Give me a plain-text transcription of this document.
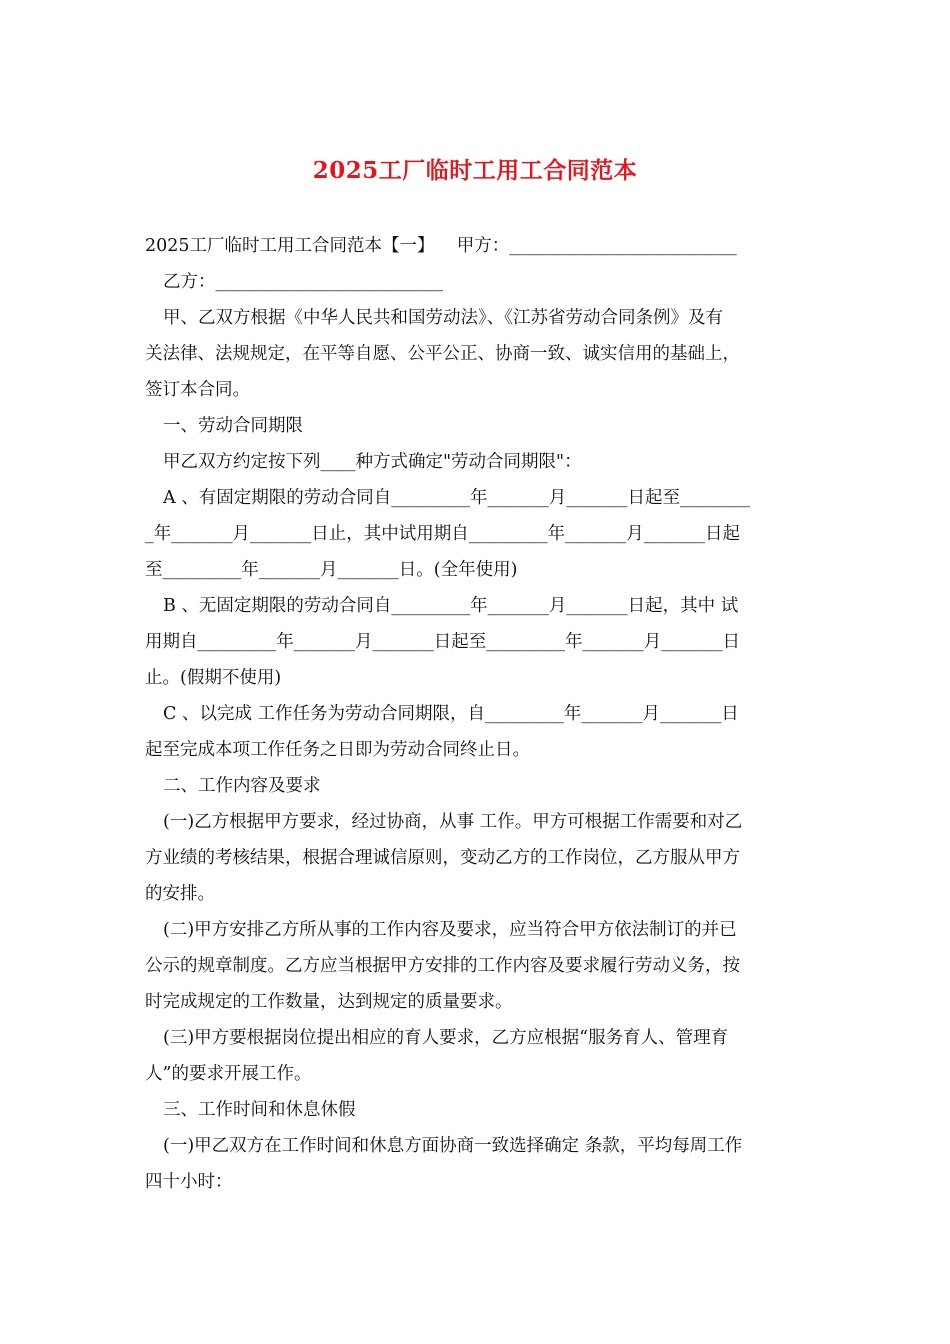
2025工厂临时工用工合同范本

2025工厂临时工用工合同范本【一】    甲方：__________________________

乙方：__________________________

甲、乙双方根据《中华人民共和国劳动法》、《江苏省劳动合同条例》及有

关法律、法规规定，在平等自愿、公平公正、协商一致、诚实信用的基础上，

签订本合同。

一、劳动合同期限

甲乙双方约定按下列____种方式确定"劳动合同期限"：

A 、有固定期限的劳动合同自_________年_______月_______日起至________

_年_______月_______日止，其中试用期自_________年_______月_______日起

至_________年_______月_______日。(全年使用)

B 、无固定期限的劳动合同自_________年_______月_______日起，其中 试

用期自_________年_______月_______日起至_________年_______月_______日

止。(假期不使用)

C 、以完成 工作任务为劳动合同期限，自_________年_______月_______日

起至完成本项工作任务之日即为劳动合同终止日。

二、工作内容及要求

(一)乙方根据甲方要求，经过协商，从事 工作。甲方可根据工作需要和对乙

方业绩的考核结果，根据合理诚信原则，变动乙方的工作岗位，乙方服从甲方

的安排。

(二)甲方安排乙方所从事的工作内容及要求，应当符合甲方依法制订的并已

公示的规章制度。乙方应当根据甲方安排的工作内容及要求履行劳动义务，按

时完成规定的工作数量，达到规定的质量要求。

(三)甲方要根据岗位提出相应的育人要求，乙方应根据“服务育人、管理育

人”的要求开展工作。

三、工作时间和休息休假

(一)甲乙双方在工作时间和休息方面协商一致选择确定 条款，平均每周工作

四十小时：
